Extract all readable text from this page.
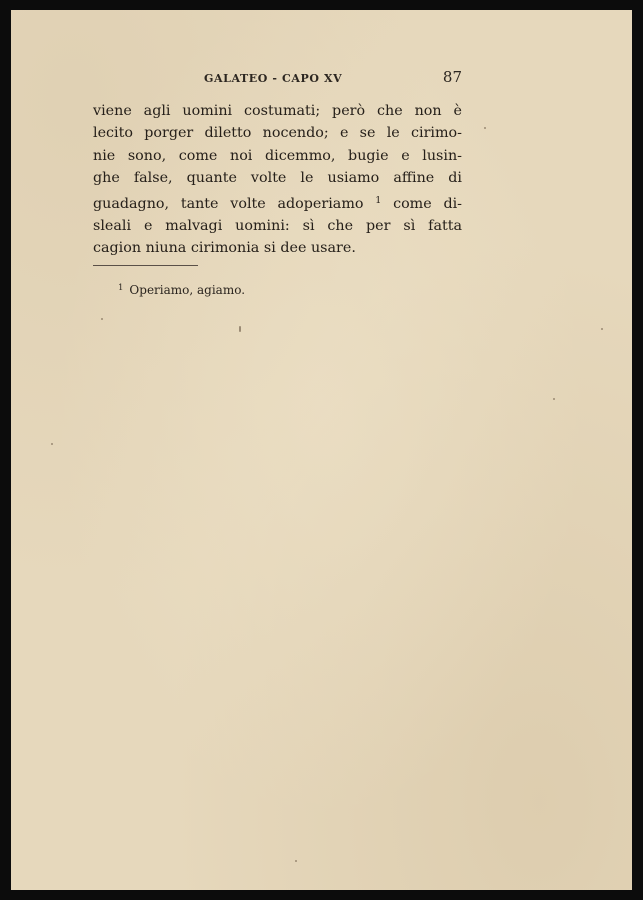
GALATEO - CAPO XV	87
viene agli uomini costumati; però che non è
lecito porger diletto nocendo; e se le cirimo-
nie sono, come noi dicemmo, bugie e lusin-
ghe false, quante volte le usiamo affine di
guadagno, tante volte adoperiamo $^1$ come di-
sleali e malvagi uomini: sì che per sì fatta
cagion niuna cirimonia si dee usare.
$^1$ Operiamo, agiamo.
